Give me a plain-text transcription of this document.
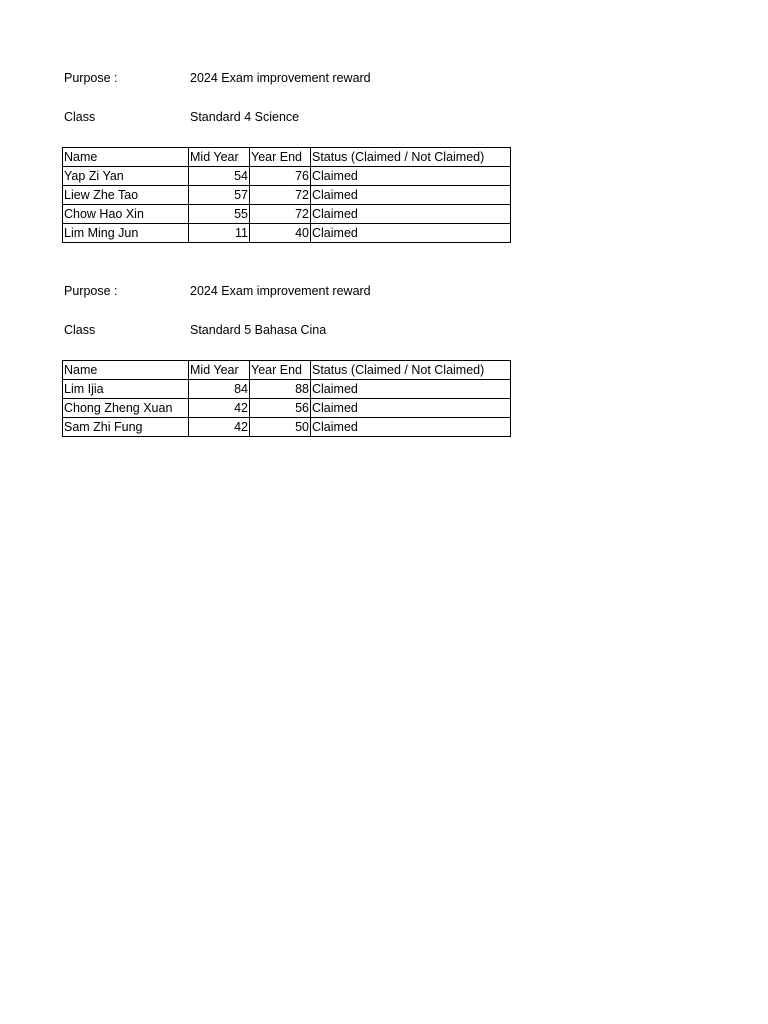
Purpose :	2024 Exam improvement reward
Class	Standard 4 Science
Name	Mid Year	Year End	Status (Claimed / Not Claimed)
Yap Zi Yan	54	76	Claimed
Liew Zhe Tao	57	72	Claimed
Chow Hao Xin	55	72	Claimed
Lim Ming Jun	11	40	Claimed
Purpose :	2024 Exam improvement reward
Class	Standard 5 Bahasa Cina
Name	Mid Year	Year End	Status (Claimed / Not Claimed)
Lim Ijia	84	88	Claimed
Chong Zheng Xuan	42	56	Claimed
Sam Zhi Fung	42	50	Claimed
